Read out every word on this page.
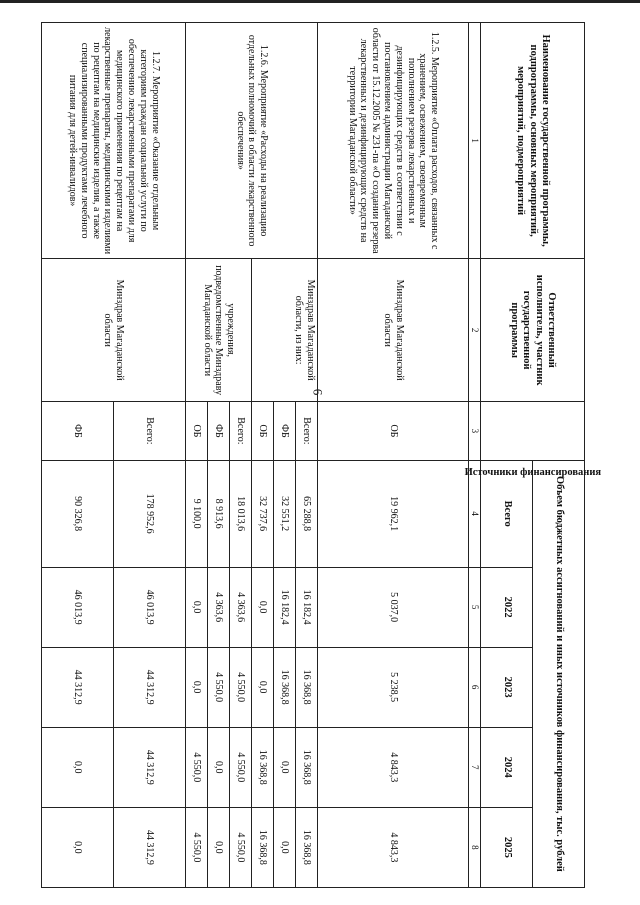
6
Наименование государственной программы, подпрограммы, основных мероприятий, мероприятий, подмероприятий	Ответственный исполнитель, участник государственной программы	Источники финансирования	Объем бюджетных ассигнований и иных источников финансирования, тыс. рублей				
			Всего	2022	2023	2024	2025
1	2	3	4	5	6	7	8
1.2.5. Мероприятие «Оплата расходов, связанных с хранением, освежением, своевременным пополнением резерва лекарственных и дезинфицирующих средств в соответствии с постановлением администрации Магаданской области от 15.12.2005 № 231-па «О создании резерва лекарственных и дезинфицирующих средств на территории Магаданской области»	Минздрав Магаданской области	ОБ	19 962,1	5 037,0	5 238,5	4 843,3	4 843,3
1.2.6. Мероприятие «Расходы на реализацию отдельных полномочий в области лекарственного обеспечения»	Минздрав Магаданской области, из них:	Всего:	65 288,8	16 182,4	16 368,8	16 368,8	16 368,8
		ФБ	32 551,2	16 182,4	16 368,8	0,0	0,0
		ОБ	32 737,6	0,0	0,0	16 368,8	16 368,8
	учреждения, подведомственные Минздраву Магаданской области	Всего:	18 013,6	4 363,6	4 550,0	4 550,0	4 550,0
		ФБ	8 913,6	4 363,6	4 550,0	0,0	0,0
		ОБ	9 100,0	0,0	0,0	4 550,0	4 550,0
1.2.7. Мероприятие «Оказание отдельным категориям граждан социальной услуги по обеспечению лекарственными препаратами для медицинского применения по рецептам на лекарственные препараты, медицинскими изделиями по рецептам на медицинские изделия, а также специализированными продуктами лечебного питания для детей-инвалидов»	Минздрав Магаданской области	Всего:	178 952,6	46 013,9	44 312,9	44 312,9	44 312,9
		ФБ	90 326,8	46 013,9	44 312,9	0,0	0,0
